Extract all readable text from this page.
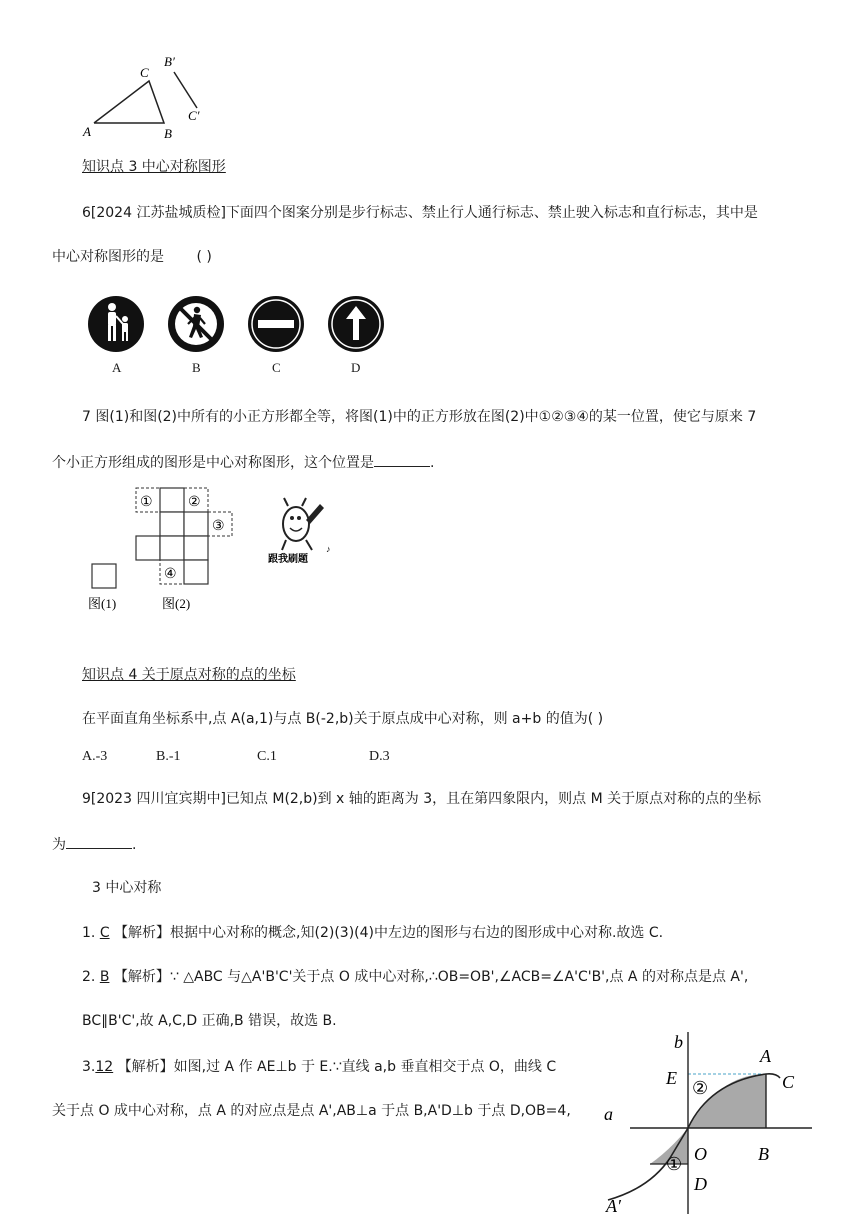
A	B
C
B′
C′
知识点 3 中心对称图形
6[2024 江苏盐城质检]下面四个图案分别是步行标志、禁止行人通行标志、禁止驶入标志和直行标志，其中是
中心对称图形的是 ( )
A	B	C	D
7 图(1)和图(2)中所有的小正方形都全等，将图(1)中的正方形放在图(2)中①②③④的某一位置，使它与原来 7
个小正方形组成的图形是中心对称图形，这个位置是	.
①	②
③
④
图(1)	图(2)
♪
跟我刷题
知识点 4 关于原点对称的点的坐标
在平面直角坐标系中,点 A(a,1)与点 B(-2,b)关于原点成中心对称，则 a+b 的值为( )
A.-3	B.-1	C.1	D.3
9[2023 四川宜宾期中]已知点 M(2,b)到 x 轴的距离为 3，且在第四象限内，则点 M 关于原点对称的点的坐标
为	.
3 中心对称
1. C 【解析】根据中心对称的概念,知(2)(3)(4)中左边的图形与右边的图形成中心对称.故选 C.
2. B 【解析】∵ △ABC 与△A'B'C'关于点 O 成中心对称,∴OB=OB',∠ACB=∠A'C'B',点 A 的对称点是点 A',
BC∥B'C',故 A,C,D 正确,B 错误，故选 B.
3.12 【解析】如图,过 A 作 AE⊥b 于 E.∵直线 a,b 垂直相交于点 O，曲线 C
关于点 O 成中心对称，点 A 的对应点是点 A',AB⊥a 于点 B,A'D⊥b 于点 D,OB=4,
b
a
A
C
E
O	B
D
A′
②
①
